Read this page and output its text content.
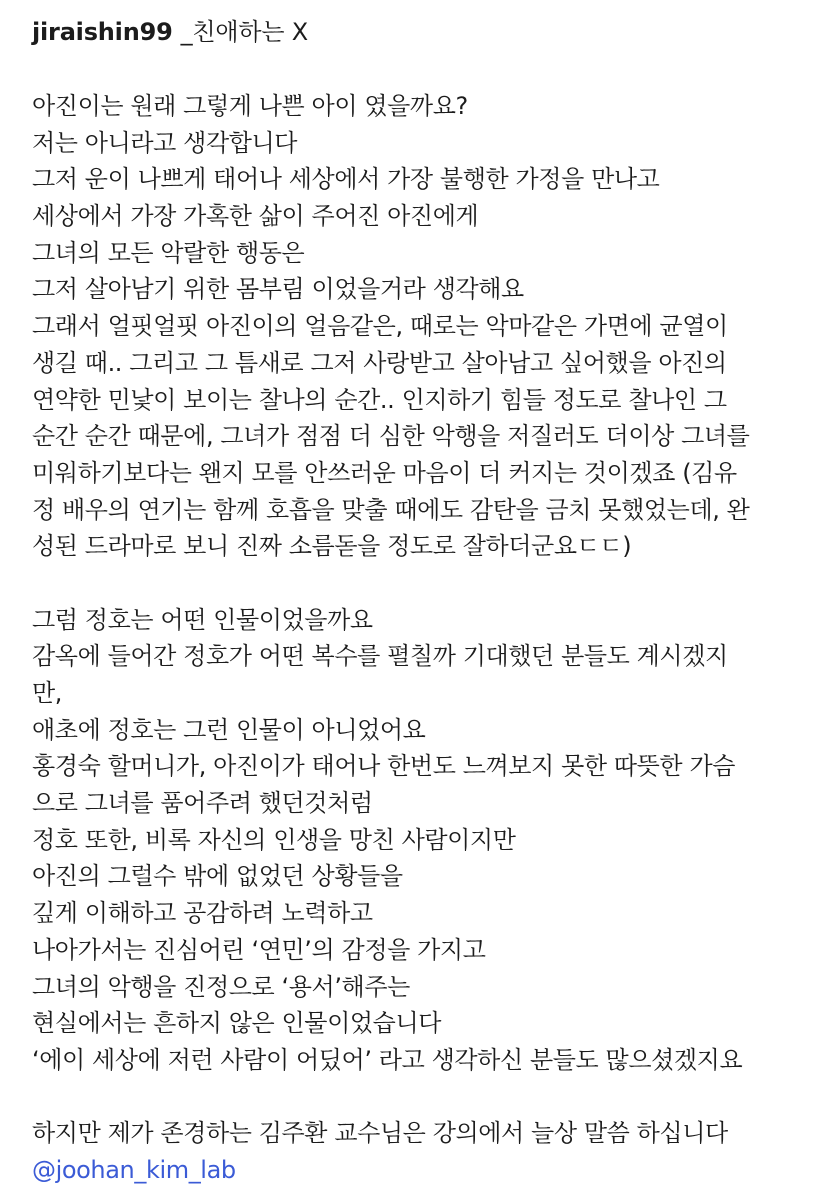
jiraishin99 _친애하는 X
아진이는 원래 그렇게 나쁜 아이 였을까요?
저는 아니라고 생각합니다
그저 운이 나쁘게 태어나 세상에서 가장 불행한 가정을 만나고
세상에서 가장 가혹한 삶이 주어진 아진에게
그녀의 모든 악랄한 행동은
그저 살아남기 위한 몸부림 이었을거라 생각해요
그래서 얼핏얼핏 아진이의 얼음같은, 때로는 악마같은 가면에 균열이
생길 때.. 그리고 그 틈새로 그저 사랑받고 살아남고 싶어했을 아진의
연약한 민낯이 보이는 찰나의 순간.. 인지하기 힘들 정도로 찰나인 그
순간 순간 때문에, 그녀가 점점 더 심한 악행을 저질러도 더이상 그녀를
미워하기보다는 왠지 모를 안쓰러운 마음이 더 커지는 것이겠죠 (김유
정 배우의 연기는 함께 호흡을 맞출 때에도 감탄을 금치 못했었는데, 완
성된 드라마로 보니 진짜 소름돋을 정도로 잘하더군요ㄷㄷ)
그럼 정호는 어떤 인물이었을까요
감옥에 들어간 정호가 어떤 복수를 펼칠까 기대했던 분들도 계시겠지
만,
애초에 정호는 그런 인물이 아니었어요
홍경숙 할머니가, 아진이가 태어나 한번도 느껴보지 못한 따뜻한 가슴
으로 그녀를 품어주려 했던것처럼
정호 또한, 비록 자신의 인생을 망친 사람이지만
아진의 그럴수 밖에 없었던 상황들을
깊게 이해하고 공감하려 노력하고
나아가서는 진심어린 ‘연민’의 감정을 가지고
그녀의 악행을 진정으로 ‘용서’해주는
현실에서는 흔하지 않은 인물이었습니다
‘에이 세상에 저런 사람이 어딨어’ 라고 생각하신 분들도 많으셨겠지요
하지만 제가 존경하는 김주환 교수님은 강의에서 늘상 말씀 하십니다
@joohan_kim_lab
